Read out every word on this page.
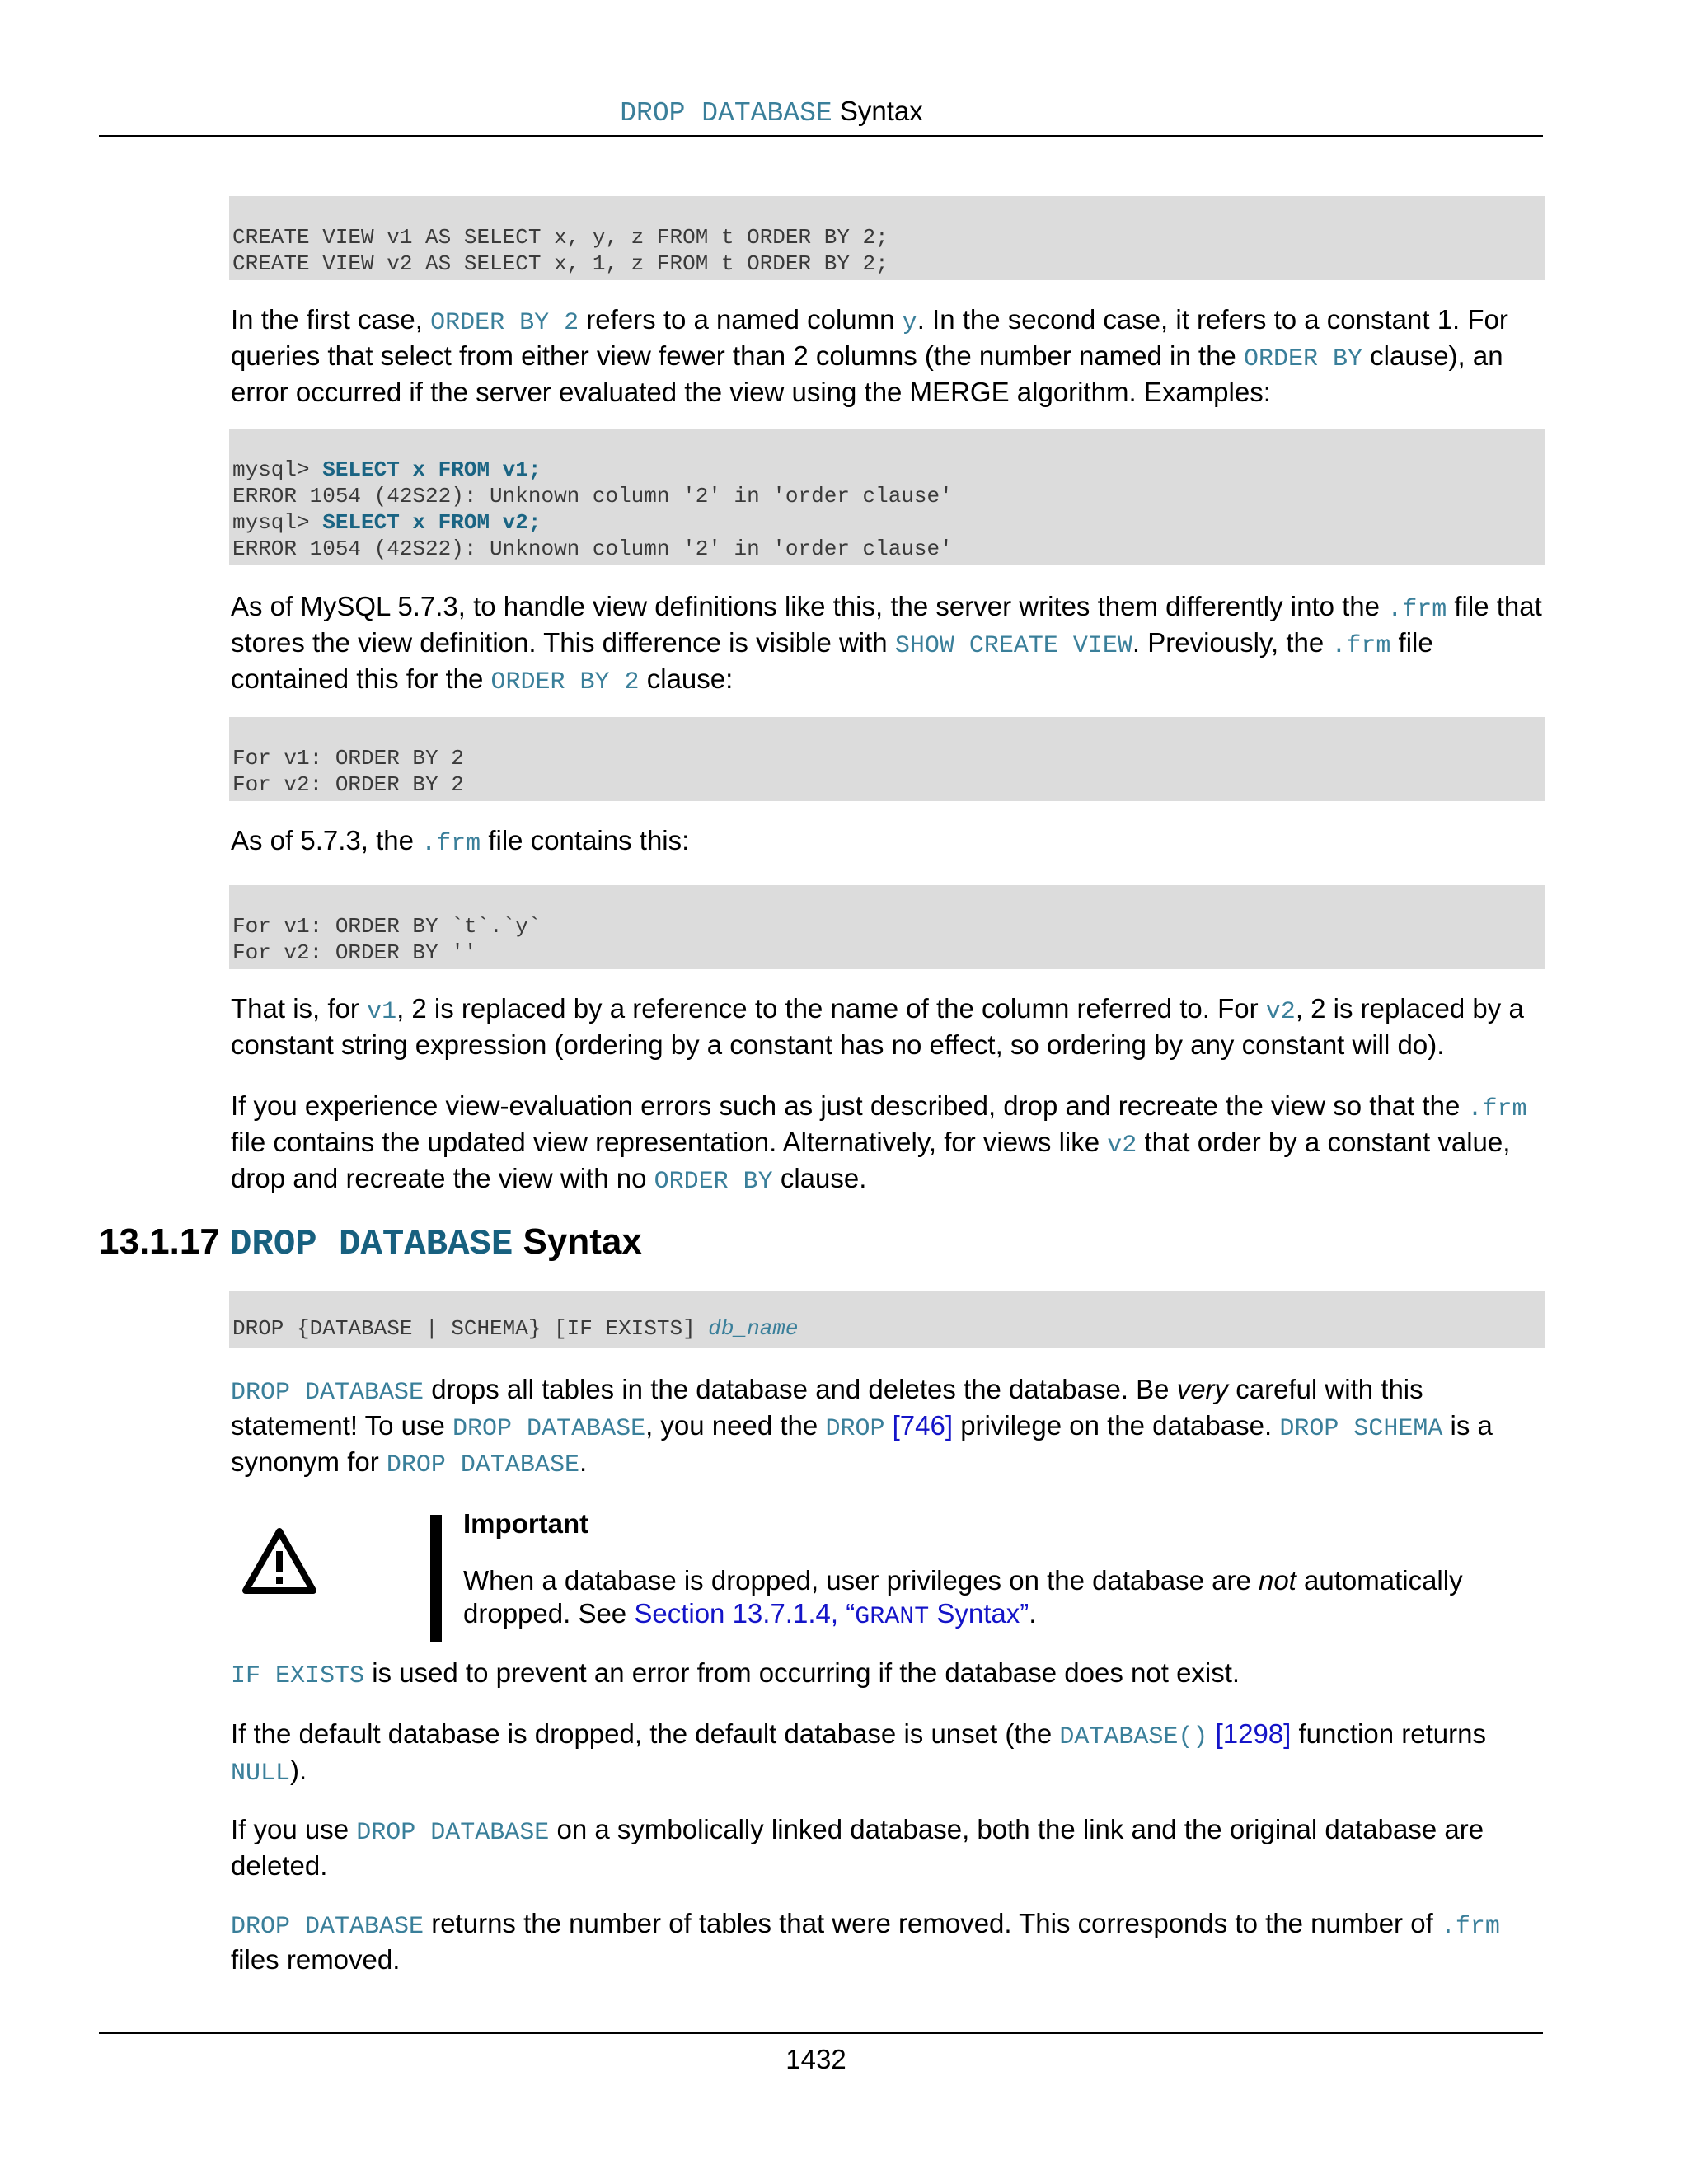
DROP DATABASE Syntax
CREATE VIEW v1 AS SELECT x, y, z FROM t ORDER BY 2;
CREATE VIEW v2 AS SELECT x, 1, z FROM t ORDER BY 2;
In the first case, ORDER BY 2 refers to a named column y. In the second case, it refers to a constant 1. For queries that select from either view fewer than 2 columns (the number named in the ORDER BY clause), an error occurred if the server evaluated the view using the MERGE algorithm. Examples:
mysql> SELECT x FROM v1;
ERROR 1054 (42S22): Unknown column '2' in 'order clause'
mysql> SELECT x FROM v2;
ERROR 1054 (42S22): Unknown column '2' in 'order clause'
As of MySQL 5.7.3, to handle view definitions like this, the server writes them differently into the .frm file that stores the view definition. This difference is visible with SHOW CREATE VIEW. Previously, the .frm file contained this for the ORDER BY 2 clause:
For v1: ORDER BY 2
For v2: ORDER BY 2
As of 5.7.3, the .frm file contains this:
For v1: ORDER BY `t`.`y`
For v2: ORDER BY ''
That is, for v1, 2 is replaced by a reference to the name of the column referred to. For v2, 2 is replaced by a constant string expression (ordering by a constant has no effect, so ordering by any constant will do).
If you experience view-evaluation errors such as just described, drop and recreate the view so that the .frm file contains the updated view representation. Alternatively, for views like v2 that order by a constant value, drop and recreate the view with no ORDER BY clause.
13.1.17 DROP DATABASE Syntax
DROP {DATABASE | SCHEMA} [IF EXISTS] db_name
DROP DATABASE drops all tables in the database and deletes the database. Be very careful with this statement! To use DROP DATABASE, you need the DROP [746] privilege on the database. DROP SCHEMA is a synonym for DROP DATABASE.
Important
When a database is dropped, user privileges on the database are not automatically dropped. See Section 13.7.1.4, “GRANT Syntax”.
IF EXISTS is used to prevent an error from occurring if the database does not exist.
If the default database is dropped, the default database is unset (the DATABASE() [1298] function returns NULL).
If you use DROP DATABASE on a symbolically linked database, both the link and the original database are deleted.
DROP DATABASE returns the number of tables that were removed. This corresponds to the number of .frm files removed.
1432
